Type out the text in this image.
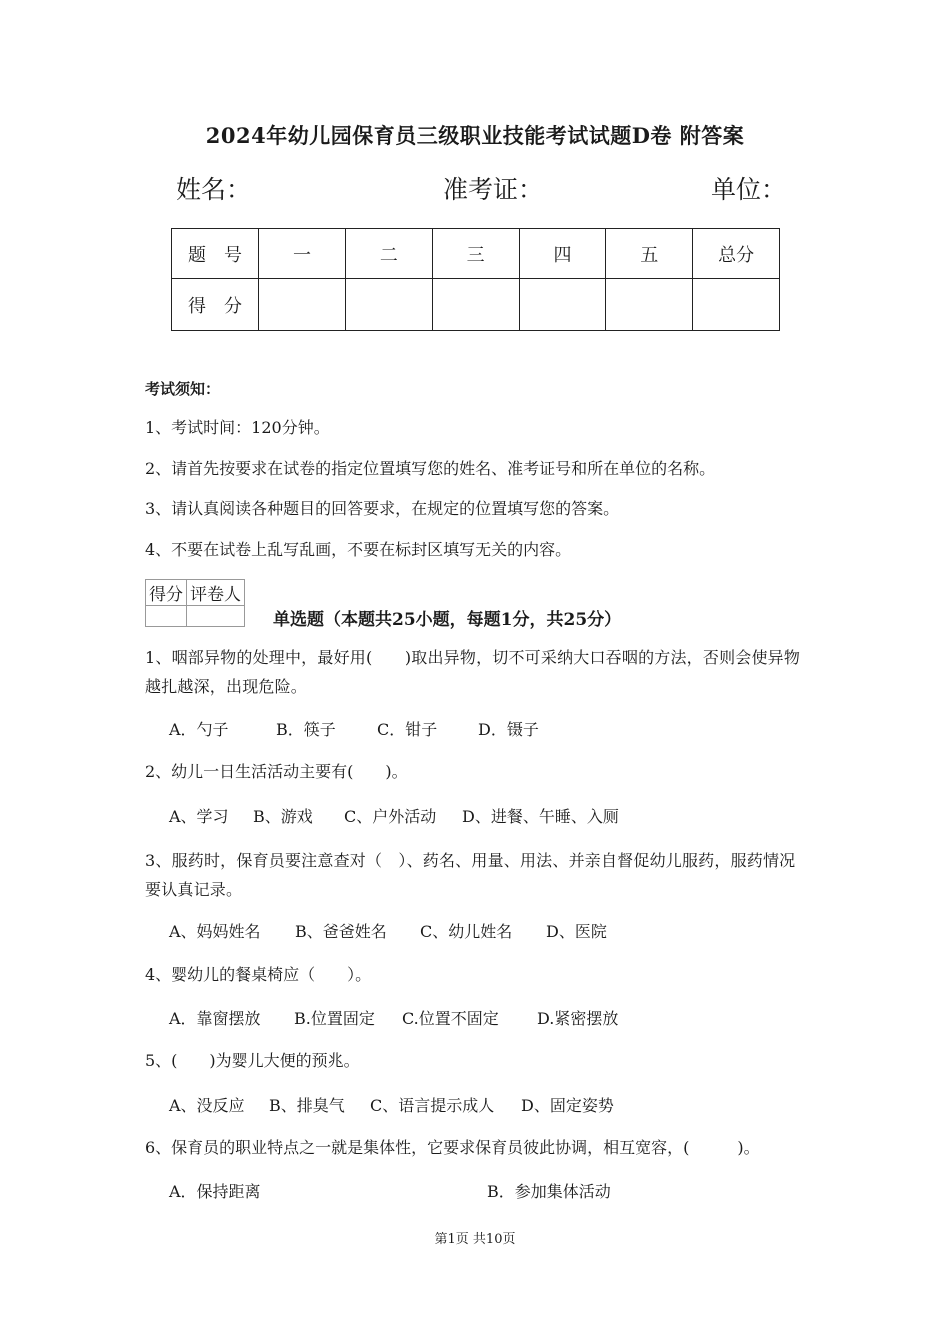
2024年幼儿园保育员三级职业技能考试试题D卷 附答案
姓名：	准考证：	单位：
题　号	一	二	三	四	五	总分
得　分						
考试须知：
1、考试时间：120分钟。
2、请首先按要求在试卷的指定位置填写您的姓名、准考证号和所在单位的名称。
3、请认真阅读各种题目的回答要求，在规定的位置填写您的答案。
4、不要在试卷上乱写乱画，不要在标封区填写无关的内容。
得分	评卷人

单选题（本题共25小题，每题1分，共25分）
1、咽部异物的处理中，最好用(　　)取出异物，切不可采纳大口吞咽的方法，否则会使异物越扎越深，出现危险。
A．勺子	B．筷子	C．钳子	D．镊子
2、幼儿一日生活活动主要有(　　)。
A、学习 B、游戏 C、户外活动 D、进餐、午睡、入厕
3、服药时，保育员要注意查对（　）、药名、用量、用法、并亲自督促幼儿服药，服药情况要认真记录。
A、妈妈姓名 B、爸爸姓名 C、幼儿姓名 D、医院
4、婴幼儿的餐桌椅应（　　）。
A．靠窗摆放 B.位置固定 C.位置不固定 D.紧密摆放
5、(　　)为婴儿大便的预兆。
A、没反应 B、排臭气 C、语言提示成人 D、固定姿势
6、保育员的职业特点之一就是集体性，它要求保育员彼此协调，相互宽容，(　　　)。
A．保持距离	B．参加集体活动
第1页 共10页
